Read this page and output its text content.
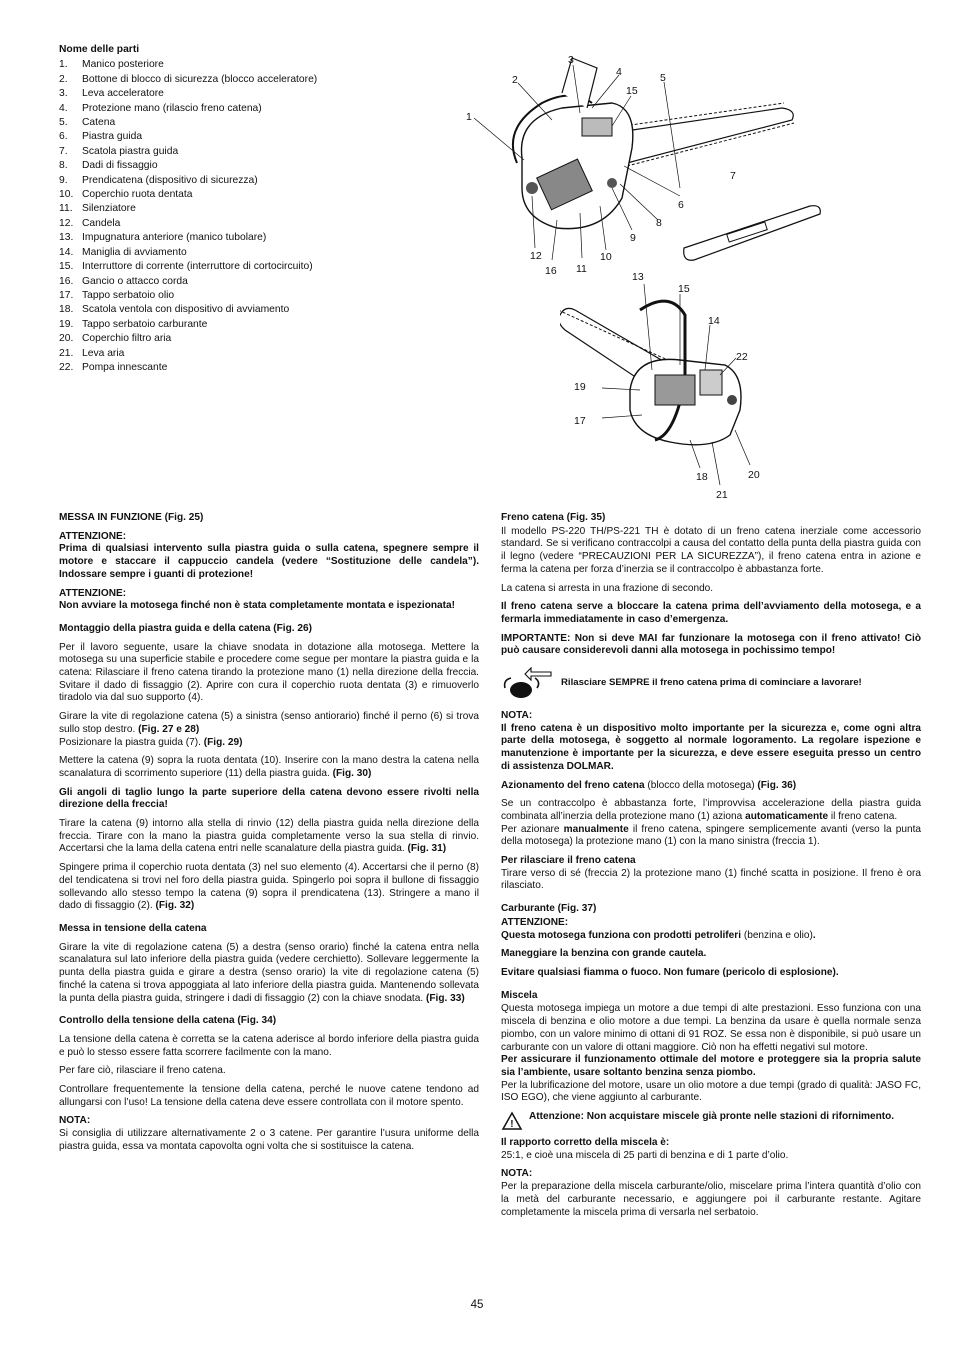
Nome delle parti
1.	Manico posteriore
2.	Bottone di blocco di sicurezza (blocco acceleratore)
3.	Leva acceleratore
4.	Protezione mano (rilascio freno catena)
5.	Catena
6.	Piastra guida
7.	Scatola piastra guida
8.	Dadi di fissaggio
9.	Prendicatena (dispositivo di sicurezza)
10. Coperchio ruota dentata
11. Silenziatore
12. Candela
13. Impugnatura anteriore (manico tubolare)
14. Maniglia di avviamento
15. Interruttore di corrente (interruttore di cortocircuito)
16. Gancio o attacco corda
17. Tappo serbatoio olio
18. Scatola ventola con dispositivo di avviamento
19. Tappo serbatoio carburante
20. Coperchio filtro aria
21. Leva aria
22. Pompa innescante
1
2
3
4
15
5
7
6
8
9
12
16 11
10
13
15
14
22
19
17
18	20
21

MESSA IN FUNZIONE (Fig. 25)

ATTENZIONE:

Prima di qualsiasi intervento sulla piastra guida o sulla catena, spegnere sempre il motore e staccare il cappuccio candela (vedere “Sostituzione delle candela”). Indossare sempre i guanti di protezione!

ATTENZIONE:

Non avviare la motosega finché non è stata completamente montata e ispezionata!

Montaggio della piastra guida e della catena (Fig. 26)

Per il lavoro seguente, usare la chiave snodata in dotazione alla motosega. Mettere la motosega su una superficie stabile e procedere come segue per montare la piastra guida e la catena: Rilasciare il freno catena tirando la protezione mano (1) nella direzione della freccia. Svitare il dado di fissaggio (2). Aprire con cura il coperchio ruota dentata (3) e rimuoverlo tiradolo via dal suo supporto (4).

Girare la vite di regolazione catena (5) a sinistra (senso antiorario) finché il perno (6) si trova sullo stop destro. (Fig. 27 e 28)
Posizionare la piastra guida (7). (Fig. 29)

Mettere la catena (9) sopra la ruota dentata (10). Inserire con la mano destra la catena nella scanalatura di scorrimento superiore (11) della piastra guida. (Fig. 30)

Gli angoli di taglio lungo la parte superiore della catena devono essere rivolti nella direzione della freccia!

Tirare la catena (9) intorno alla stella di rinvio (12) della piastra guida nella direzione della freccia. Tirare con la mano la piastra guida completamente verso la sua stella di rinvio. Accertarsi che la lama della catena entri nelle scanalature della piastra guida. (Fig. 31)

Spingere prima il coperchio ruota dentata (3) nel suo elemento (4). Accertarsi che il perno (8) del tendicatena si trovi nel foro della piastra guida. Spingerlo poi sopra il bullone di fissaggio sollevando allo stesso tempo la catena (9) sopra il prendicatena (13). Stringere a mano il dado di fissaggio (2). (Fig. 32)

Messa in tensione della catena

Girare la vite di regolazione catena (5) a destra (senso orario) finché la catena entra nella scanalatura sul lato inferiore della piastra guida (vedere cerchietto). Sollevare leggermente la punta della piastra guida e girare a destra (senso orario) la vite di regolazione catena (5) finché la catena si trova appoggiata al lato inferiore della piastra guida. Mantenendo sollevata la punta della piastra guida, stringere i dadi di fissaggio (2) con la chiave snodata. (Fig. 33)

Controllo della tensione della catena (Fig. 34)

La tensione della catena è corretta se la catena aderisce al bordo inferiore della piastra guida e può lo stesso essere fatta scorrere facilmente con la mano.

Per fare ciò, rilasciare il freno catena.

Controllare frequentemente la tensione della catena, perché le nuove catene tendono ad allungarsi con l’uso! La tensione della catena deve essere controllata con il motore spento.

NOTA:

Si consiglia di utilizzare alternativamente 2 o 3 catene. Per garantire l’usura uniforme della piastra guida, essa va montata capovolta ogni volta che si sostituisce la catena.

Freno catena (Fig. 35)

Il modello PS-220 TH/PS-221 TH è dotato di un freno catena inerziale come accessorio standard. Se si verificano contraccolpi a causa del contatto della punta della piastra guida con il legno (vedere “PRECAUZIONI PER LA SICUREZZA”), il freno catena entra in azione e ferma la catena per forza d’inerzia se il contraccolpo è abbastanza forte.

La catena si arresta in una frazione di secondo.

Il freno catena serve a bloccare la catena prima dell’avviamento della motosega, e a fermarla immediatamente in caso d’emergenza.

IMPORTANTE: Non si deve MAI far funzionare la motosega con il freno attivato! Ciò può causare considerevoli danni alla motosega in pochissimo tempo!

Rilasciare SEMPRE il freno catena prima di cominciare a lavorare!

NOTA:

Il freno catena è un dispositivo molto importante per la sicurezza e, come ogni altra parte della motosega, è soggetto al normale logoramento. La regolare ispezione e manutenzione è importante per la sicurezza, e deve essere eseguita presso un centro di assistenza DOLMAR.

Azionamento del freno catena (blocco della motosega) (Fig. 36)

Se un contraccolpo è abbastanza forte, l’improvvisa accelerazione della piastra guida combinata all’inerzia della protezione mano (1) aziona automaticamente il freno catena.
Per azionare manualmente il freno catena, spingere semplicemente avanti (verso la punta della motosega) la protezione mano (1) con la mano sinistra (freccia 1).

Per rilasciare il freno catena

Tirare verso di sé (freccia 2) la protezione mano (1) finché scatta in posizione. Il freno è ora rilasciato.

Carburante (Fig. 37)

ATTENZIONE:

Questa motosega funziona con prodotti petroliferi (benzina e olio).

Maneggiare la benzina con grande cautela.

Evitare qualsiasi fiamma o fuoco. Non fumare (pericolo di esplosione).

Miscela

Questa motosega impiega un motore a due tempi di alte prestazioni. Esso funziona con una miscela di benzina e olio motore a due tempi. La benzina da usare è quella normale senza piombo, con un valore minimo di ottani di 91 ROZ. Se essa non è disponibile, si può usare un carburante con un valore di ottani maggiore. Ciò non ha effetti negativi sul motore.
Per assicurare il funzionamento ottimale del motore e proteggere sia la propria salute sia l’ambiente, usare soltanto benzina senza piombo.
Per la lubrificazione del motore, usare un olio motore a due tempi (grado di qualità: JASO FC, ISO EGO), che viene aggiunto al carburante.

!
Attenzione: Non acquistare miscele già pronte nelle stazioni di rifornimento.

Il rapporto corretto della miscela è:

25:1, e cioè una miscela di 25 parti di benzina e di 1 parte d’olio.

NOTA:

Per la preparazione della miscela carburante/olio, miscelare prima l’intera quantità d’olio con la metà del carburante necessario, e aggiungere poi il carburante restante. Agitare completamente la miscela prima di versarla nel serbatoio.

45
